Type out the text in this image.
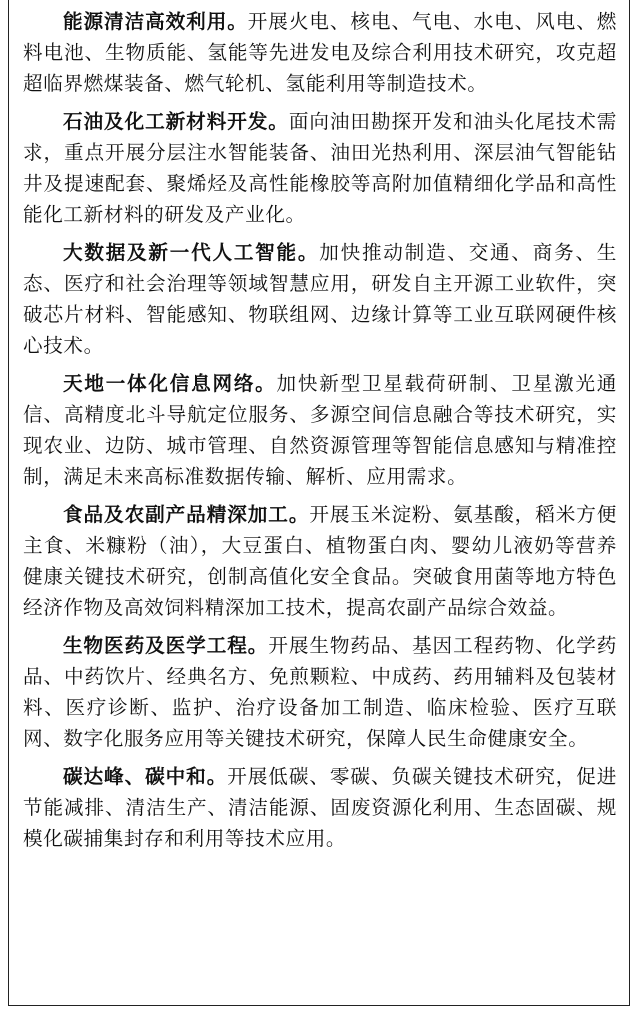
能源清洁高效利用。开展火电、核电、气电、水电、风电、燃料电池、生物质能、氢能等先进发电及综合利用技术研究，攻克超超临界燃煤装备、燃气轮机、氢能利用等制造技术。

石油及化工新材料开发。面向油田勘探开发和油头化尾技术需求，重点开展分层注水智能装备、油田光热利用、深层油气智能钻井及提速配套、聚烯烃及高性能橡胶等高附加值精细化学品和高性能化工新材料的研发及产业化。

大数据及新一代人工智能。加快推动制造、交通、商务、生态、医疗和社会治理等领域智慧应用，研发自主开源工业软件，突破芯片材料、智能感知、物联组网、边缘计算等工业互联网硬件核心技术。

天地一体化信息网络。加快新型卫星载荷研制、卫星激光通信、高精度北斗导航定位服务、多源空间信息融合等技术研究，实现农业、边防、城市管理、自然资源管理等智能信息感知与精准控制，满足未来高标准数据传输、解析、应用需求。

食品及农副产品精深加工。开展玉米淀粉、氨基酸，稻米方便主食、米糠粉（油），大豆蛋白、植物蛋白肉、婴幼儿液奶等营养健康关键技术研究，创制高值化安全食品。突破食用菌等地方特色经济作物及高效饲料精深加工技术，提高农副产品综合效益。

生物医药及医学工程。开展生物药品、基因工程药物、化学药品、中药饮片、经典名方、免煎颗粒、中成药、药用辅料及包装材料、医疗诊断、监护、治疗设备加工制造、临床检验、医疗互联网、数字化服务应用等关键技术研究，保障人民生命健康安全。

碳达峰、碳中和。开展低碳、零碳、负碳关键技术研究，促进节能减排、清洁生产、清洁能源、固废资源化利用、生态固碳、规模化碳捕集封存和利用等技术应用。
